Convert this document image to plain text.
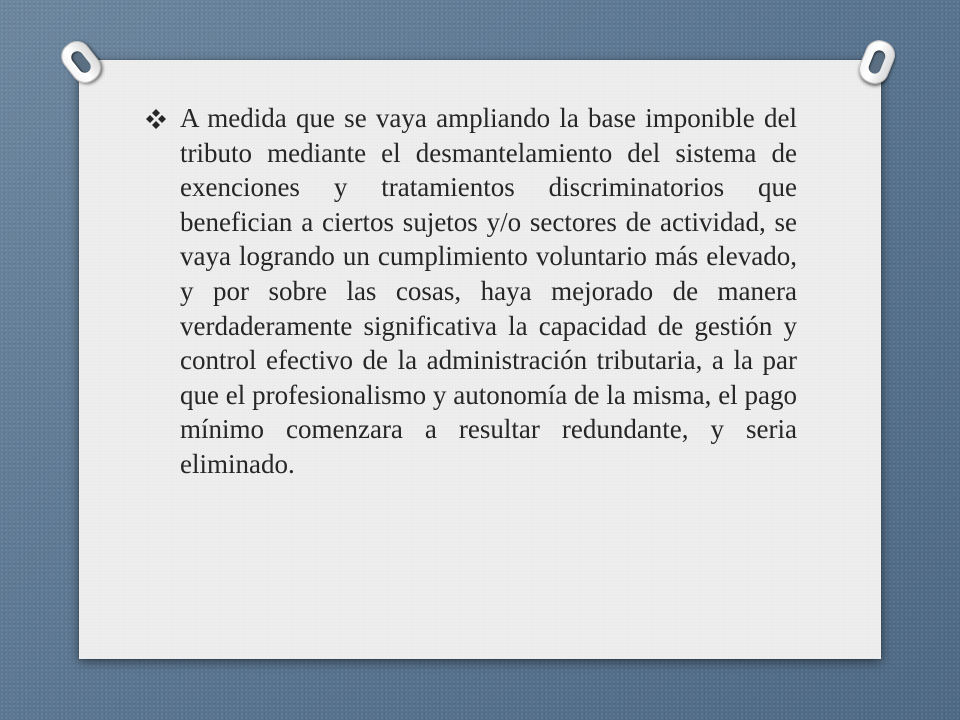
A medida que se vaya ampliando la base imponible del tributo mediante el desmantelamiento del sistema de exenciones y tratamientos discriminatorios que benefician a ciertos sujetos y/o sectores de actividad, se vaya logrando un cumplimiento voluntario más elevado, y por sobre las cosas, haya mejorado de manera verdaderamente significativa la capacidad de gestión y control efectivo de la administración tributaria, a la par que el profesionalismo y autonomía de la misma, el pago mínimo comenzara a resultar redundante, y seria eliminado.
